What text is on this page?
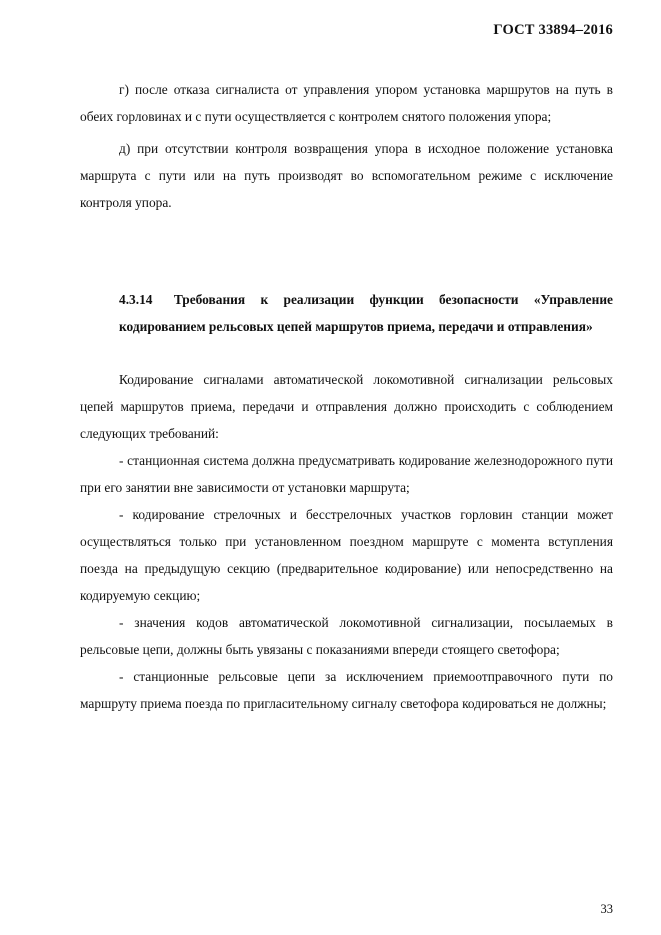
ГОСТ 33894–2016

г) после отказа сигналиста от управления упором установка маршрутов на путь в обеих горловинах и с пути осуществляется с контролем снятого положения упора;

д) при отсутствии контроля возвращения упора в исходное положение установка маршрута с пути или на путь производят во вспомогательном режиме с исключение контроля упора.

4.3.14 Требования к реализации функции безопасности «Управление кодированием рельсовых цепей маршрутов приема, передачи и отправления»

Кодирование сигналами автоматической локомотивной сигнализации рельсовых цепей маршрутов приема, передачи и отправления должно происходить с соблюдением следующих требований:

- станционная система должна предусматривать кодирование железнодорожного пути при его занятии вне зависимости от установки маршрута;

- кодирование стрелочных и бесстрелочных участков горловин станции может осуществляться только при установленном поездном маршруте с момента вступления поезда на предыдущую секцию (предварительное кодирование) или непосредственно на кодируемую секцию;

- значения кодов автоматической локомотивной сигнализации, посылаемых в рельсовые цепи, должны быть увязаны с показаниями впереди стоящего светофора;

- станционные рельсовые цепи за исключением приемоотправочного пути по маршруту приема поезда по пригласительному сигналу светофора кодироваться не должны;

33
